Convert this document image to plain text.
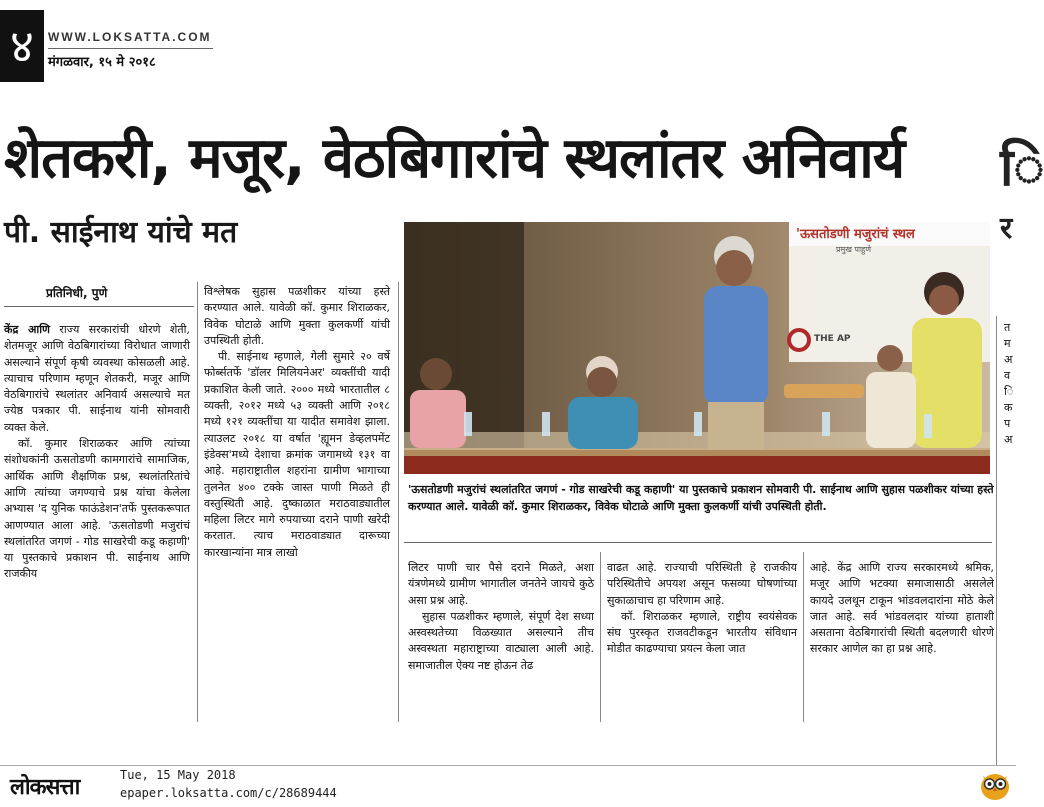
४	WWW.LOKSATTA.COM
मंगळवार, १५ मे २०१८
शेतकरी, मजूर, वेठबिगारांचे स्थलांतर अनिवार्य
पी. साईनाथ यांचे मत
प्रतिनिधी, पुणे

केंद्र आणि राज्य सरकारांची धोरणे शेती, शेतमजूर आणि वेठबिगारांच्या विरोधात जाणारी असल्याने संपूर्ण कृषी व्यवस्था कोसळली आहे. त्याचाच परिणाम म्हणून शेतकरी, मजूर आणि वेठबिगारांचे स्थलांतर अनिवार्य असल्याचे मत ज्येष्ठ पत्रकार पी. साईनाथ यांनी सोमवारी व्यक्त केले.

कॉ. कुमार शिराळकर आणि त्यांच्या संशोधकांनी ऊसतोडणी कामगारांचे सामाजिक, आर्थिक आणि शैक्षणिक प्रश्न, स्थलांतरितांचे आणि त्यांच्या जगण्याचे प्रश्न यांचा केलेला अभ्यास 'द युनिक फाऊंडेशन'तर्फे पुस्तकरूपात आणण्यात आला आहे. 'ऊसतोडणी मजुरांचं स्थलांतरित जगणं - गोड साखरेची कडू कहाणी' या पुस्तकाचे प्रकाशन पी. साईनाथ आणि राजकीय

विश्लेषक सुहास पळशीकर यांच्या हस्ते करण्यात आले. यावेळी कॉ. कुमार शिराळकर, विवेक घोटाळे आणि मुक्ता कुलकर्णी यांची उपस्थिती होती.

पी. साईनाथ म्हणाले, गेली सुमारे २० वर्षे फोर्ब्सतर्फे 'डॉलर मिलियनेअर' व्यक्तींची यादी प्रकाशित केली जाते. २००० मध्ये भारतातील ८ व्यक्ती, २०१२ मध्ये ५३ व्यक्ती आणि २०१८ मध्ये १२१ व्यक्तींचा या यादीत समावेश झाला. त्याउलट २०१८ या वर्षात 'ह्यूमन डेव्हलपमेंट इंडेक्स'मध्ये देशाचा क्रमांक जगामध्ये १३१ वा आहे. महाराष्ट्रातील शहरांना ग्रामीण भागाच्या तुलनेत ४०० टक्के जास्त पाणी मिळते ही वस्तुस्थिती आहे. दुष्काळात मराठवाड्यातील महिला लिटर मागे रुपयाच्या दराने पाणी खरेदी करतात. त्याच मराठवाड्यात दारूच्या कारखान्यांना मात्र लाखो

'ऊसतोडणी मजुरांचं स्थल
प्रमुख पाहुणे
THE AP
'ऊसतोडणी मजुरांचं स्थलांतरित जगणं - गोड साखरेची कडू कहाणी' या पुस्तकाचे प्रकाशन सोमवारी पी. साईनाथ आणि सुहास पळशीकर यांच्या हस्ते करण्यात आले. यावेळी कॉ. कुमार शिराळकर, विवेक घोटाळे आणि मुक्ता कुलकर्णी यांची उपस्थिती होती.

लिटर पाणी चार पैसे दराने मिळते, अशा यंत्रणेमध्ये ग्रामीण भागातील जनतेने जायचे कुठे असा प्रश्न आहे.

सुहास पळशीकर म्हणाले, संपूर्ण देश सध्या अस्वस्थतेच्या विळख्यात असल्याने तीच अस्वस्थता महाराष्ट्राच्या वाट्याला आली आहे. समाजातील ऐक्य नष्ट होऊन तेढ

वाढत आहे. राज्याची परिस्थिती हे राजकीय परिस्थितीचे अपयश असून फसव्या घोषणांच्या सुकाळाचाच हा परिणाम आहे.

कॉ. शिराळकर म्हणाले, राष्ट्रीय स्वयंसेवक संघ पुरस्कृत राजवटीकडून भारतीय संविधान मोडीत काढण्याचा प्रयत्न केला जात

आहे. केंद्र आणि राज्य सरकारमध्ये श्रमिक, मजूर आणि भटक्या समाजासाठी असलेले कायदे उलथून टाकून भांडवलदारांना मोठे केले जात आहे. सर्व भांडवलदार यांच्या हाताशी असताना वेठबिगारांची स्थिती बदलणारी धोरणे सरकार आणेल का हा प्रश्न आहे.

ि
र
त
म
अ
व
ि
क
प
अ
लोकसत्ता	Tue, 15 May 2018
epaper.loksatta.com/c/28689444
